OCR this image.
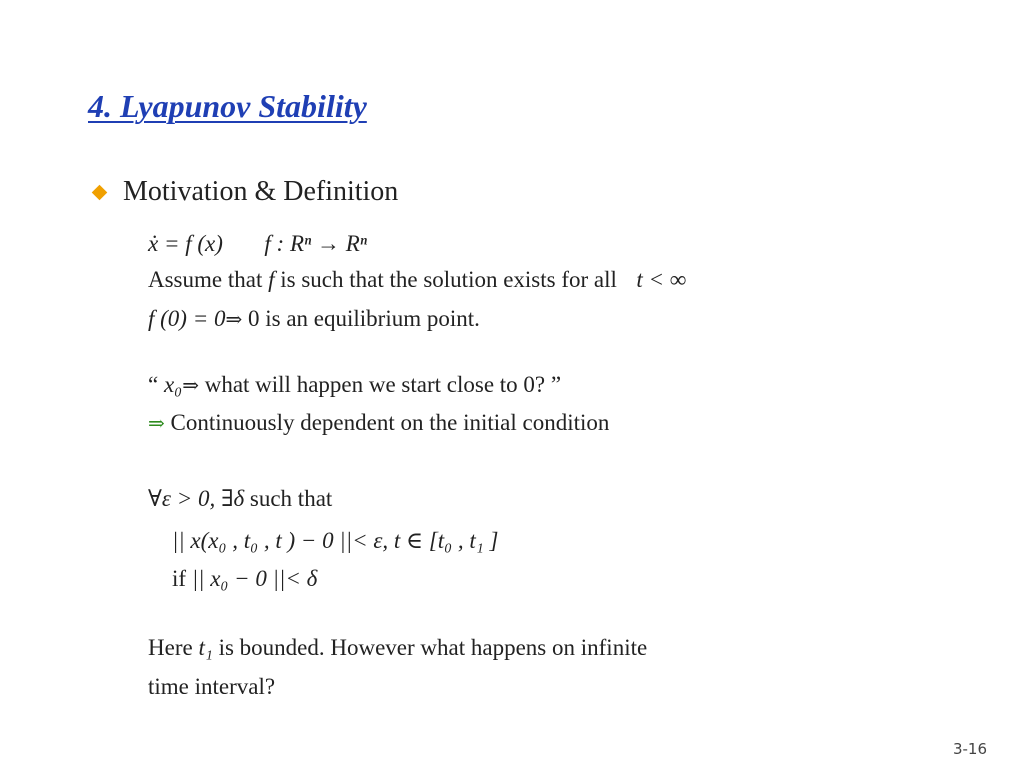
4. Lyapunov Stability
Motivation & Definition
ẋ = f (x) f : Rⁿ → Rⁿ
Assume that f is such that the solution exists for all t < ∞
f (0) = 0⇒ 0 is an equilibrium point.
“ x₀⇒ what will happen we start close to 0? ”
⇒ Continuously dependent on the initial condition
∀ε > 0, ∃δ such that
|| x(x₀ , t₀ , t ) − 0 ||< ε, t ∈ [t₀ , t₁ ]
if || x₀ − 0 ||< δ
Here t₁ is bounded. However what happens on infinite
time interval?
3-16
